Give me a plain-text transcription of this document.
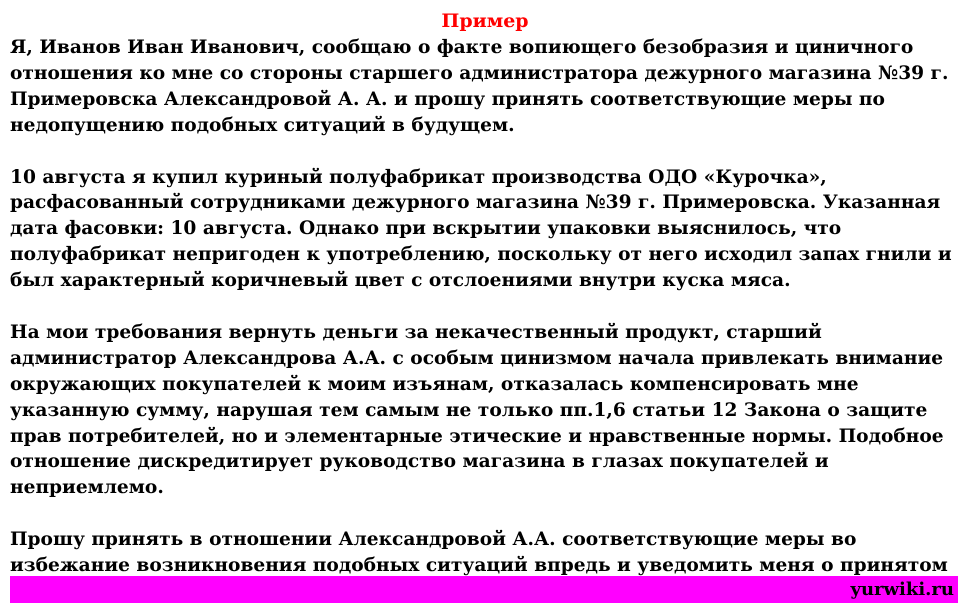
Пример

Я, Иванов Иван Иванович, сообщаю о факте вопиющего безобразия и циничного отношения ко мне со стороны старшего администратора дежурного магазина №39 г. Примеровска Александровой А. А. и прошу принять соответствующие меры по недопущению подобных ситуаций в будущем.

10 августа я купил куриный полуфабрикат производства ОДО «Курочка», расфасованный сотрудниками дежурного магазина №39 г. Примеровска. Указанная дата фасовки: 10 августа. Однако при вскрытии упаковки выяснилось, что полуфабрикат непригоден к употреблению, поскольку от него исходил запах гнили и был характерный коричневый цвет с отслоениями внутри куска мяса.

На мои требования вернуть деньги за некачественный продукт, старший администратор Александрова А.А. с особым цинизмом начала привлекать внимание окружающих покупателей к моим изъянам, отказалась компенсировать мне указанную сумму, нарушая тем самым не только пп.1,6 статьи 12 Закона о защите прав потребителей, но и элементарные этические и нравственные нормы. Подобное отношение дискредитирует руководство магазина в глазах покупателей и неприемлемо.

Прошу принять в отношении Александровой А.А. соответствующие меры во избежание возникновения подобных ситуаций впредь и уведомить меня о принятом

yurwiki.ru
